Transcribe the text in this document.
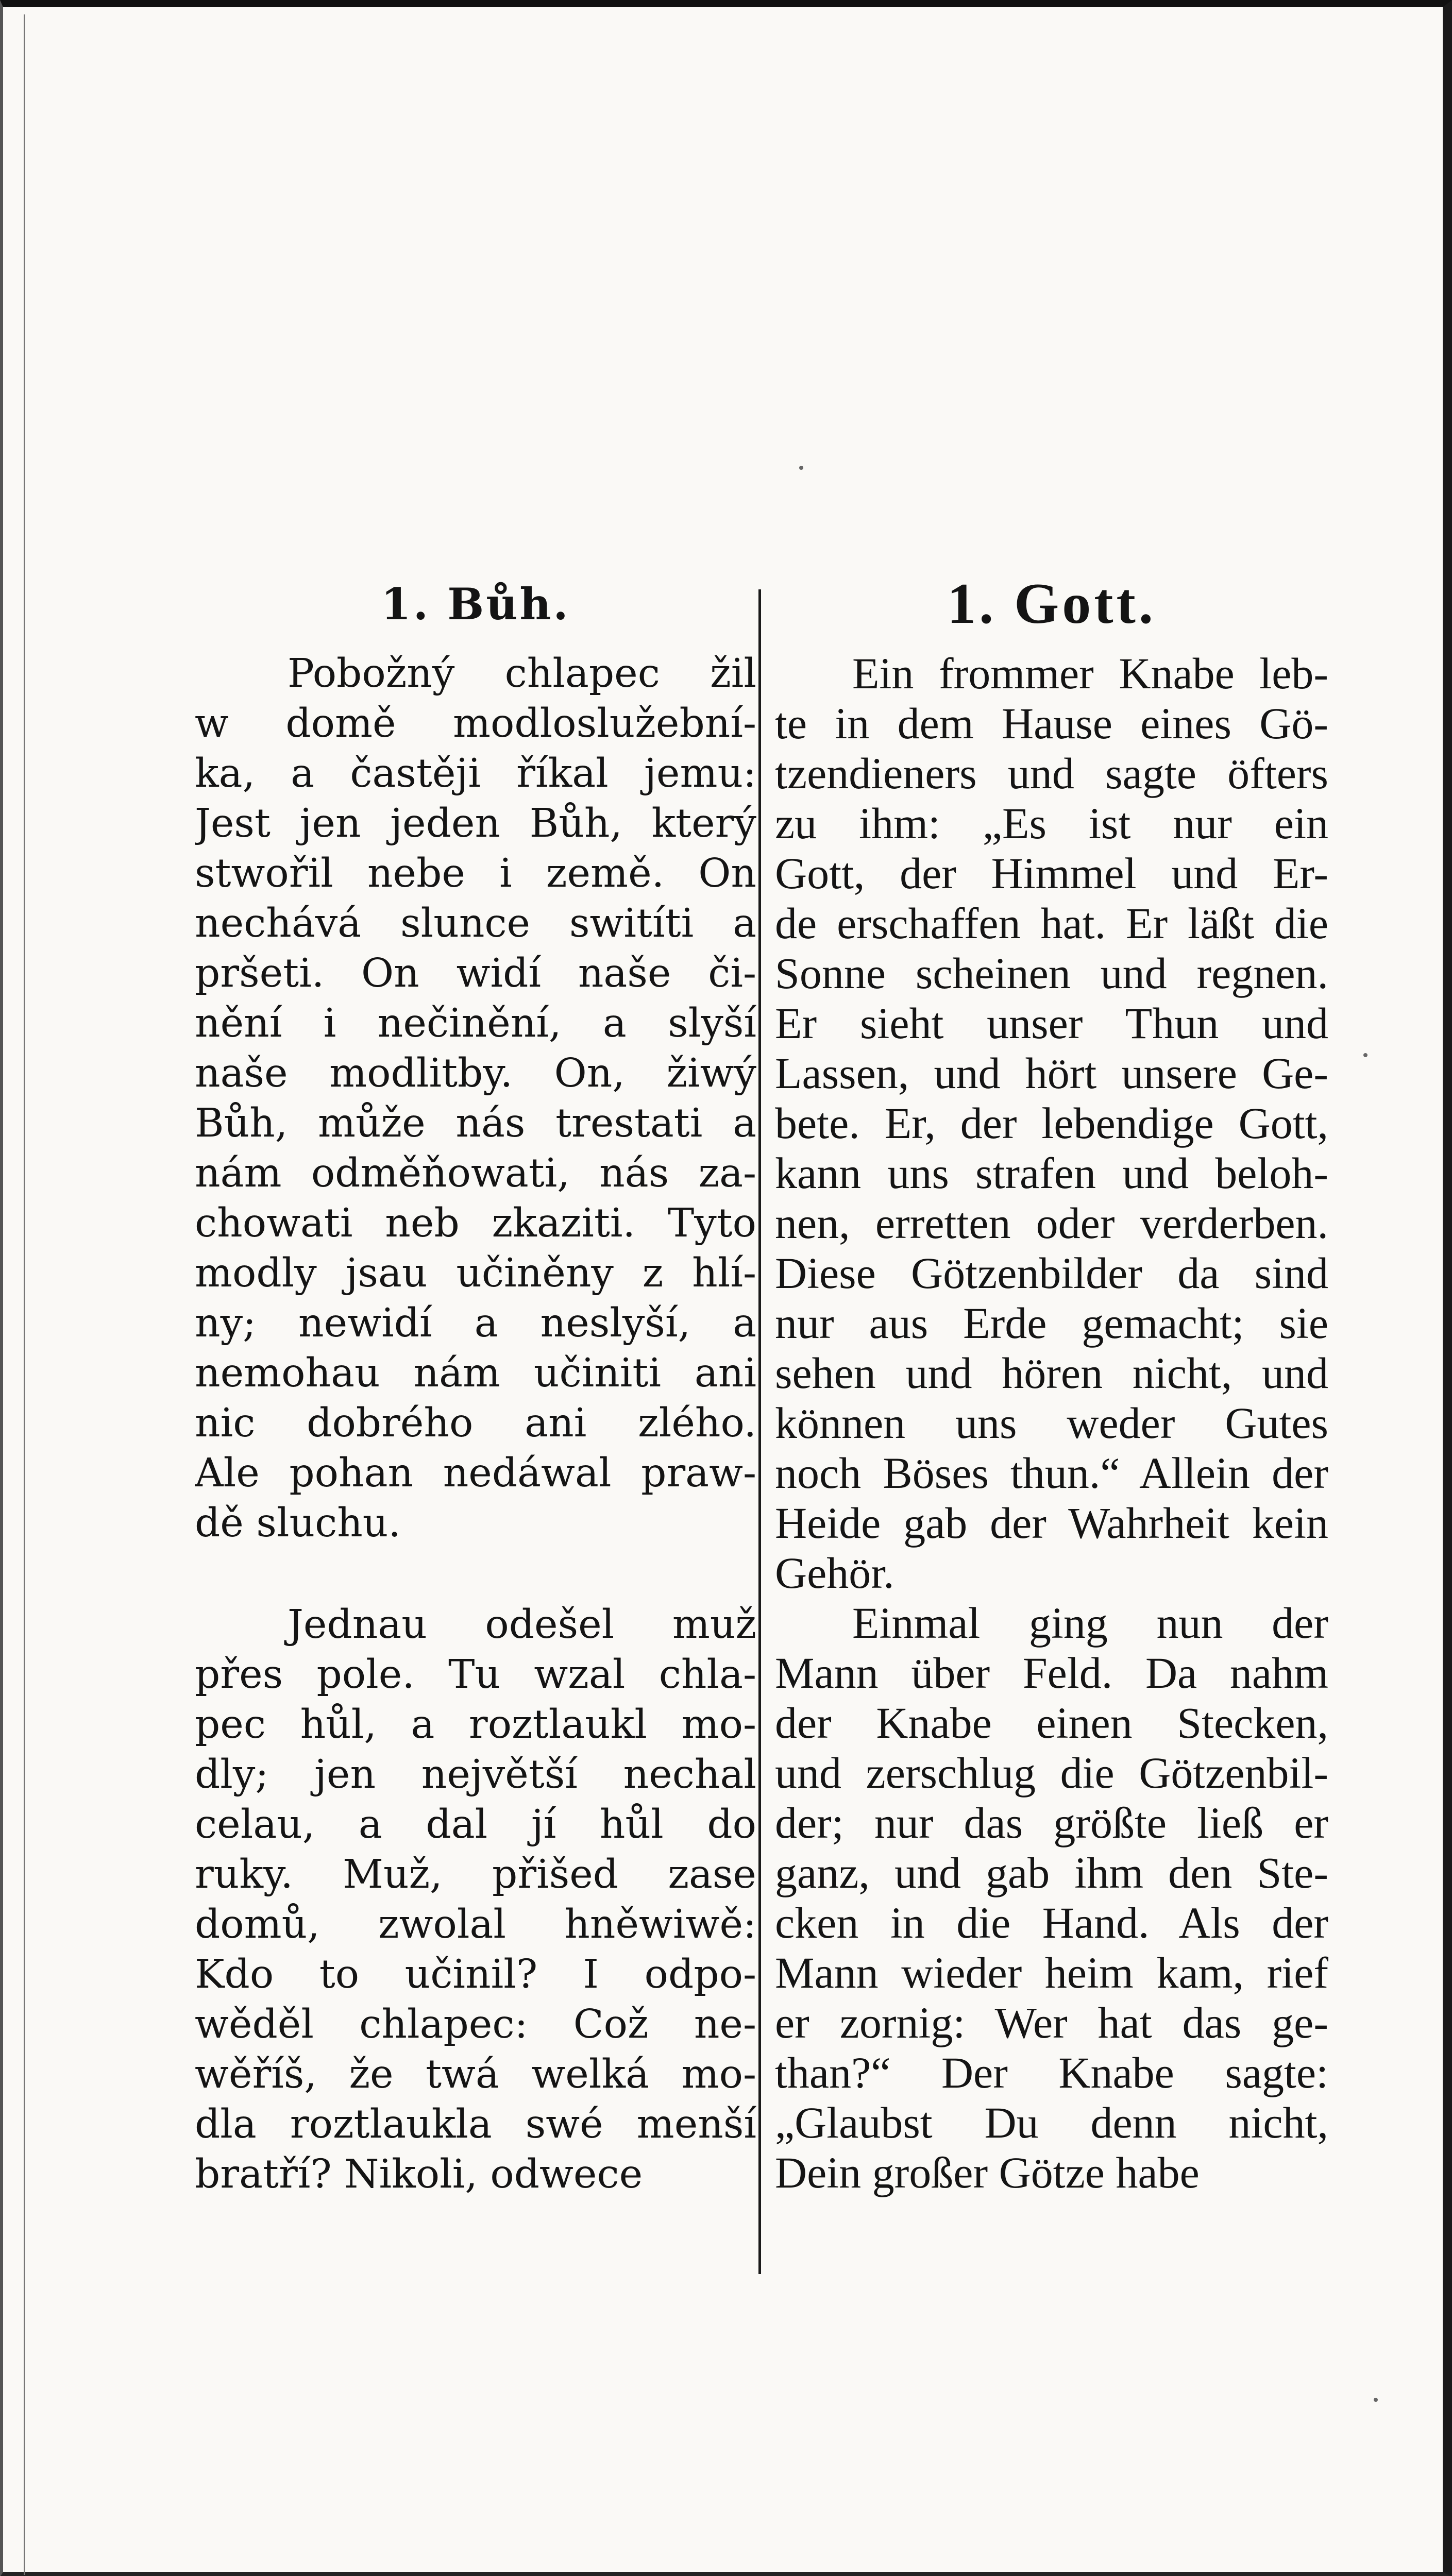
1. Bůh.
Pobožný chlapec žil
w domě modloslužební-
ka, a častěji říkal jemu:
Jest jen jeden Bůh, který
stwořil nebe i země. On
nechává slunce switíti a
pršeti. On widí naše či-
nění i nečinění, a slyší
naše modlitby. On, žiwý
Bůh, může nás trestati a
nám odměňowati, nás za-
chowati neb zkaziti. Tyto
modly jsau učiněny z hlí-
ny; newidí a neslyší, a
nemohau nám učiniti ani
nic dobrého ani zlého.
Ale pohan nedáwal praw-
dě sluchu.
Jednau odešel muž
přes pole. Tu wzal chla-
pec hůl, a roztlaukl mo-
dly; jen největší nechal
celau, a dal jí hůl do
ruky. Muž, přišed zase
domů, zwolal hněwiwě:
Kdo to učinil? I odpo-
wěděl chlapec: Což ne-
wěříš, že twá welká mo-
dla roztlaukla swé menší
bratří? Nikoli, odwece
1. Gott.
Ein frommer Knabe leb-
te in dem Hause eines Gö-
tzendieners und sagte öfters
zu ihm: „Es ist nur ein
Gott, der Himmel und Er-
de erschaffen hat. Er läßt die
Sonne scheinen und regnen.
Er sieht unser Thun und
Lassen, und hört unsere Ge-
bete. Er, der lebendige Gott,
kann uns strafen und beloh-
nen, erretten oder verderben.
Diese Götzenbilder da sind
nur aus Erde gemacht; sie
sehen und hören nicht, und
können uns weder Gutes
noch Böses thun.“ Allein der
Heide gab der Wahrheit kein
Gehör.
Einmal ging nun der
Mann über Feld. Da nahm
der Knabe einen Stecken,
und zerschlug die Götzenbil-
der; nur das größte ließ er
ganz, und gab ihm den Ste-
cken in die Hand. Als der
Mann wieder heim kam, rief
er zornig: Wer hat das ge-
than?“ Der Knabe sagte:
„Glaubst Du denn nicht,
Dein großer Götze habe
